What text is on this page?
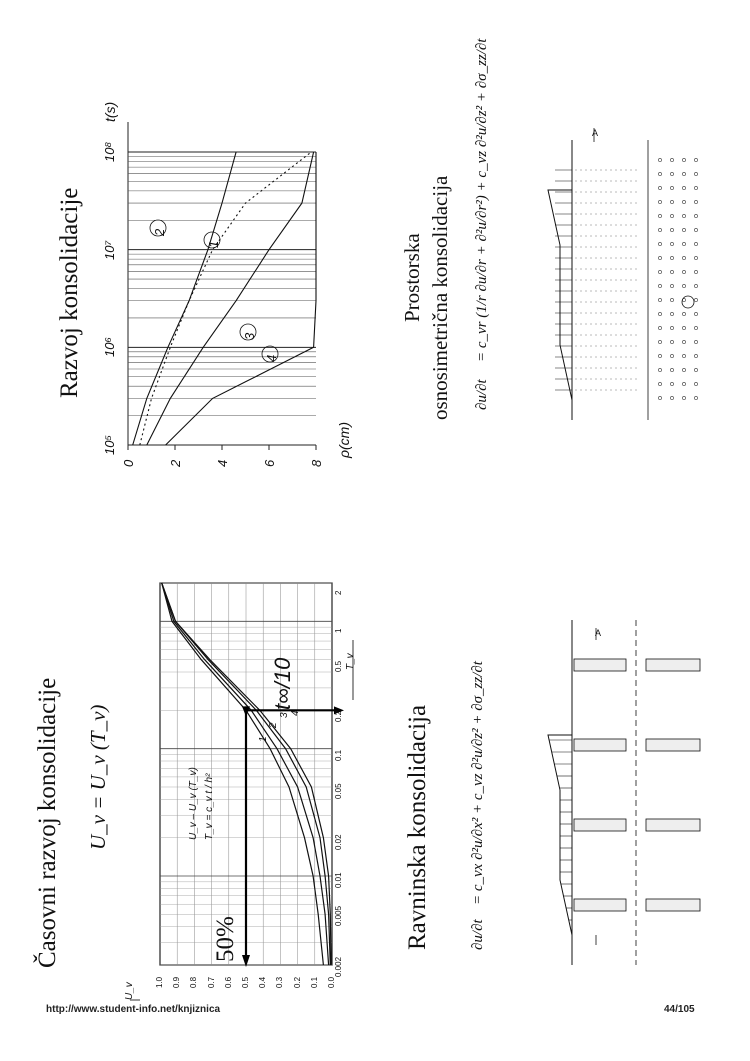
Časovni razvoj konsolidacije U_v = U_v (T_v)
50%
t∞/10
U_v – U_v (T_v) T_v = c_v t / h²
T_v
U_v	0.0
0.1
0.2
0.3
0.4
0.5
0.6
0.7
0.8
0.9
1.0
0.002
0.005
0.01
0.02
0.05
0.1
0.2
0.5
1
2
1
2
3 4
Razvoj konsolidacije
10⁵
10⁶
10⁷
10⁸
0 2 4 6 8
1
2
3
4
t(s)
ρ(cm)
Ravninska konsolidacija	∂u/∂t
= c_vx ∂²u/∂x² + c_vz ∂²u/∂z² + ∂σ_zz/∂t
A
Prostorska osnosimetrična konsolidacija ∂u/∂t
= c_vr (1/r ∂u/∂r + ∂²u/∂r²) + c_vz ∂²u/∂z² + ∂σ_zz/∂t	A
http://www.student-info.net/knjiznica	44/105
